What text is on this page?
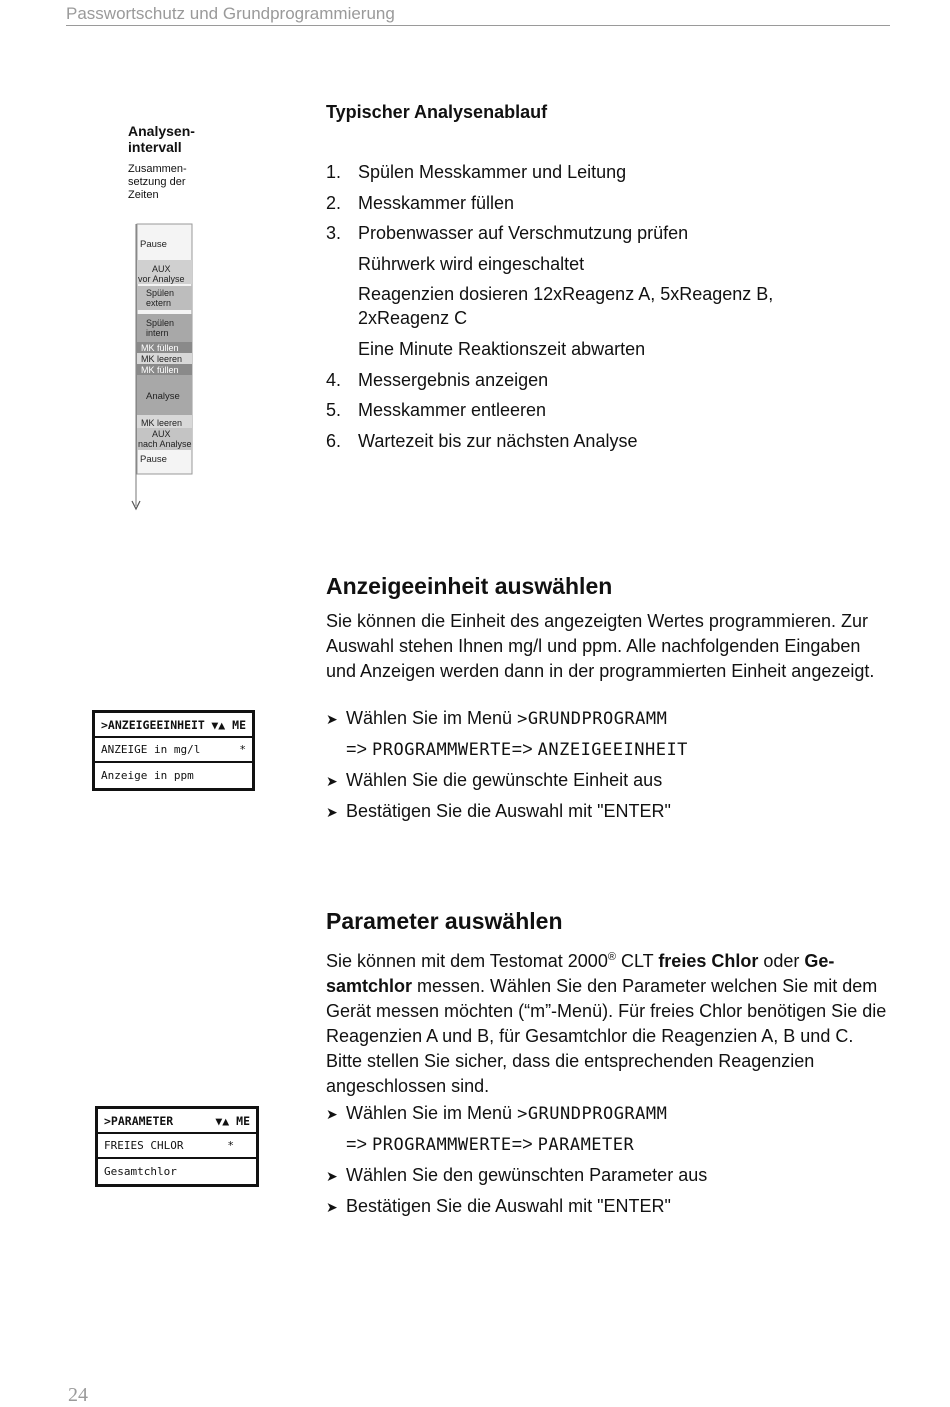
Passwortschutz und Grundprogrammierung
Analysen-
intervall
Zusammen-
setzung der
Zeiten
Pause
AUX vor Analyse
Spülen extern
Spülen intern
MK füllen
MK leeren
MK füllen
Analyse
MK leeren
AUX nach Analyse
Pause
Typischer Analysenablauf
1. Spülen Messkammer und Leitung
2. Messkammer füllen
3. Probenwasser auf Verschmutzung prüfen
Rührwerk wird eingeschaltet
Reagenzien dosieren 12xReagenz A, 5xReagenz B, 2xReagenz C
Eine Minute Reaktionszeit abwarten
4. Messergebnis anzeigen
5. Messkammer entleeren
6. Wartezeit bis zur nächsten Analyse
Anzeigeeinheit auswählen
Sie können die Einheit des angezeigten Wertes programmieren. Zur Auswahl stehen Ihnen mg/l und ppm. Alle nachfolgenden Eingaben und Anzeigen werden dann in der programmierten Einheit angezeigt.
>ANZEIGEEINHEIT ▼▲ ME
ANZEIGE in mg/l	*
Anzeige in ppm
➤ Wählen Sie im Menü >GRUNDPROGRAMM
=> PROGRAMMWERTE=> ANZEIGEEINHEIT
➤ Wählen Sie die gewünschte Einheit aus
➤ Bestätigen Sie die Auswahl mit "ENTER"
Parameter auswählen
Sie können mit dem Testomat 2000® CLT freies Chlor oder Ge-
samtchlor messen. Wählen Sie den Parameter welchen Sie mit dem Gerät messen möchten (“m”-Menü). Für freies Chlor benötigen Sie die Reagenzien A und B, für Gesamtchlor die Reagenzien A, B und C. Bitte stellen Sie sicher, dass die entsprechenden Reagenzien angeschlossen sind.
>PARAMETER	▼▲ ME
FREIES CHLOR	*
Gesamtchlor
➤ Wählen Sie im Menü >GRUNDPROGRAMM
=> PROGRAMMWERTE=> PARAMETER
➤ Wählen Sie den gewünschten Parameter aus
➤ Bestätigen Sie die Auswahl mit "ENTER"
24
